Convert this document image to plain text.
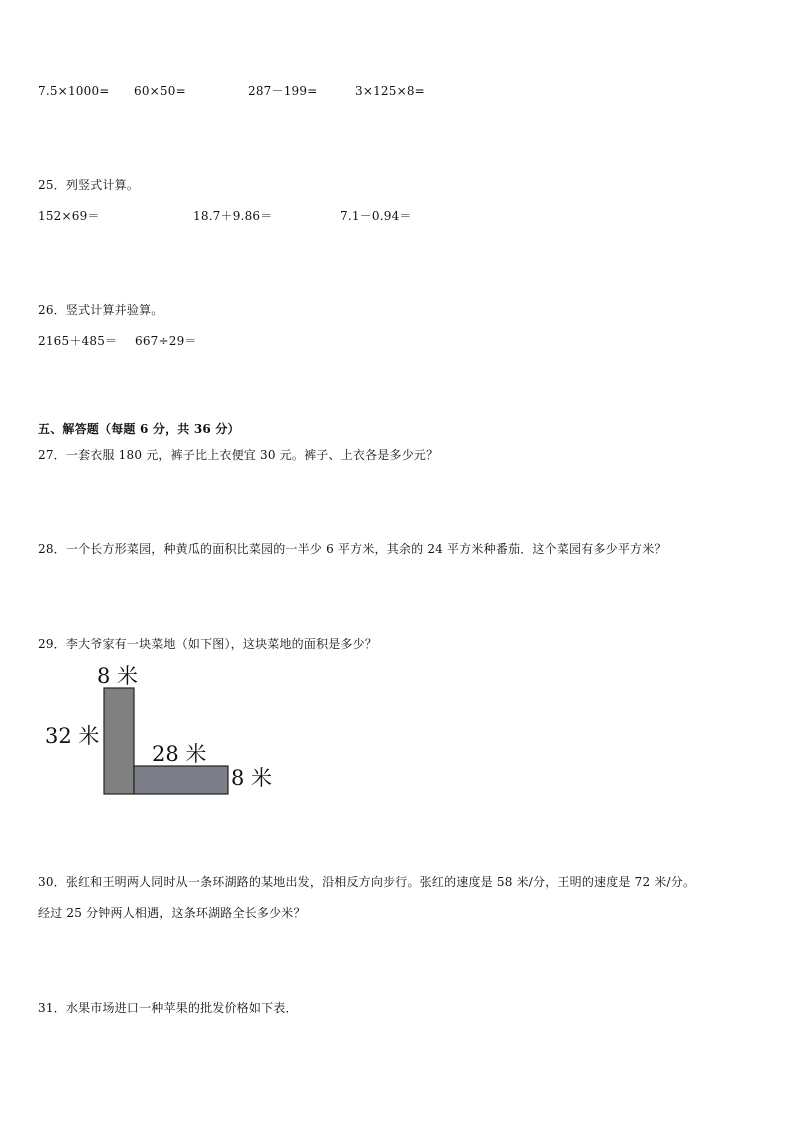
7.5×1000= 60×50=	287－199=	3×125×8=
25．列竖式计算。
152×69＝	18.7＋9.86＝	7.1－0.94＝
26．竖式计算并验算。
2165＋485＝ 667÷29＝
五、解答题（每题 6 分，共 36 分）
27．一套衣服 180 元，裤子比上衣便宜 30 元。裤子、上衣各是多少元？
28．一个长方形菜园，种黄瓜的面积比菜园的一半少 6 平方米，其余的 24 平方米种番茄．这个菜园有多少平方米？
29．李大爷家有一块菜地（如下图），这块菜地的面积是多少？
8 米
32 米
28 米
8 米
30．张红和王明两人同时从一条环湖路的某地出发，沿相反方向步行。张红的速度是 58 米/分，王明的速度是 72 米/分。
经过 25 分钟两人相遇，这条环湖路全长多少米？
31．水果市场进口一种苹果的批发价格如下表．
